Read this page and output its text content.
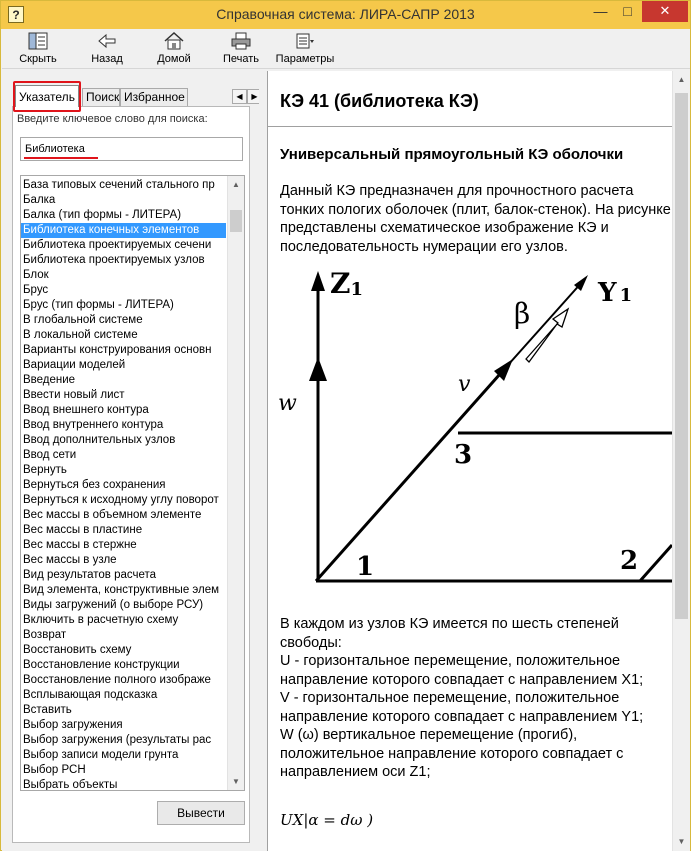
?	Справочная система: ЛИРА-САПР 2013	—	□	✕
Скрыть	Назад	Домой	Печать	Параметры
Указатель Поиск Избранное	◀	▶
Введите ключевое слово для поиска:
Библиотека
База типовых сечений стального пр
Балка
Балка (тип формы - ЛИТЕРА)
Библиотека конечных элементов
Библиотека проектируемых сечени
Библиотека проектируемых узлов
Блок
Брус
Брус (тип формы - ЛИТЕРА)
В глобальной системе
В локальной системе
Варианты конструирования основн
Вариации моделей
Введение
Ввести новый лист
Ввод внешнего контура
Ввод внутреннего контура
Ввод дополнительных узлов
Ввод сети
Вернуть
Вернуться без сохранения
Вернуться к исходному углу поворот
Вес массы в объемном элементе
Вес массы в пластине
Вес массы в стержне
Вес массы в узле
Вид результатов расчета
Вид элемента, конструктивные элем
Виды загружений (о выборе РСУ)
Включить в расчетную схему
Возврат
Восстановить схему
Восстановление конструкции
Восстановление полного изображе
Всплывающая подсказка
Вставить
Выбор загружения
Выбор загружения (результаты рас
Выбор записи модели грунта
Выбор РСН
Выбрать объекты
▲
▼
Вывести
КЭ 41 (библиотека КЭ)
Универсальный прямоугольный КЭ оболочки
Данный КЭ предназначен для прочностного расчета тонких пологих оболочек (плит, балок-стенок). На рисунке представлены схематическое изображение КЭ и последовательность нумерации его узлов.
Z1	Y 1
β
v
w
1	2
3

В каждом из узлов КЭ имеется по шесть степеней свободы:

U - горизонтальное перемещение, положительное направление которого совпадает с направлением X1;

V - горизонтальное перемещение, положительное направление которого совпадает с направлением Y1;

W (ω) вертикальное перемещение (прогиб), положительное направление которого совпадает с направлением оси Z1;

UX|α = dω )
▲
▼
